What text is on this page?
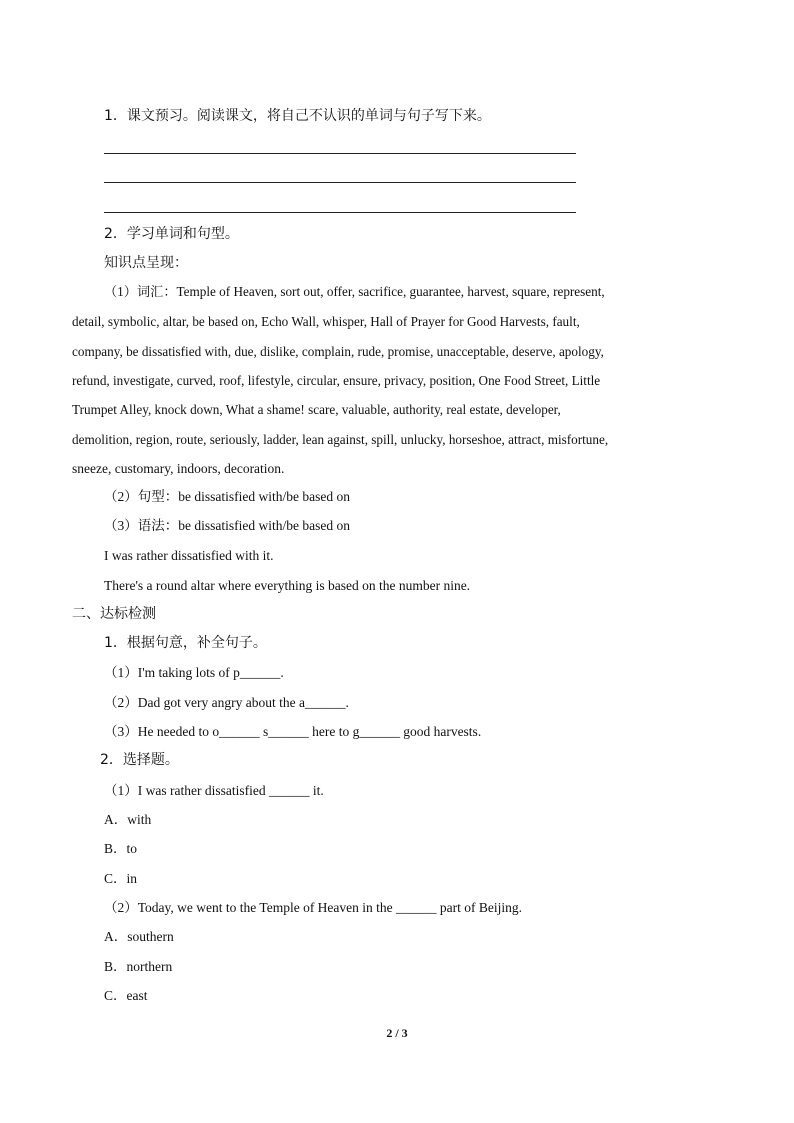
1．课文预习。阅读课文，将自己不认识的单词与句子写下来。
2．学习单词和句型。
知识点呈现：
（1）词汇：Temple of Heaven, sort out, offer, sacrifice, guarantee, harvest, square, represent,
detail, symbolic, altar, be based on, Echo Wall, whisper, Hall of Prayer for Good Harvests, fault,
company, be dissatisfied with, due, dislike, complain, rude, promise, unacceptable, deserve, apology,
refund, investigate, curved, roof, lifestyle, circular, ensure, privacy, position, One Food Street, Little
Trumpet Alley, knock down, What a shame! scare, valuable, authority, real estate, developer,
demolition, region, route, seriously, ladder, lean against, spill, unlucky, horseshoe, attract, misfortune,
sneeze, customary, indoors, decoration.
（2）句型：be dissatisfied with/be based on
（3）语法：be dissatisfied with/be based on
I was rather dissatisfied with it.
There's a round altar where everything is based on the number nine.
二、达标检测
1．根据句意，补全句子。
（1）I'm taking lots of p______.
（2）Dad got very angry about the a______.
（3）He needed to o______ s______ here to g______ good harvests.
2．选择题。
（1）I was rather dissatisfied ______ it.
A．with
B．to
C．in
（2）Today, we went to the Temple of Heaven in the ______ part of Beijing.
A．southern
B．northern
C．east
2 / 3
